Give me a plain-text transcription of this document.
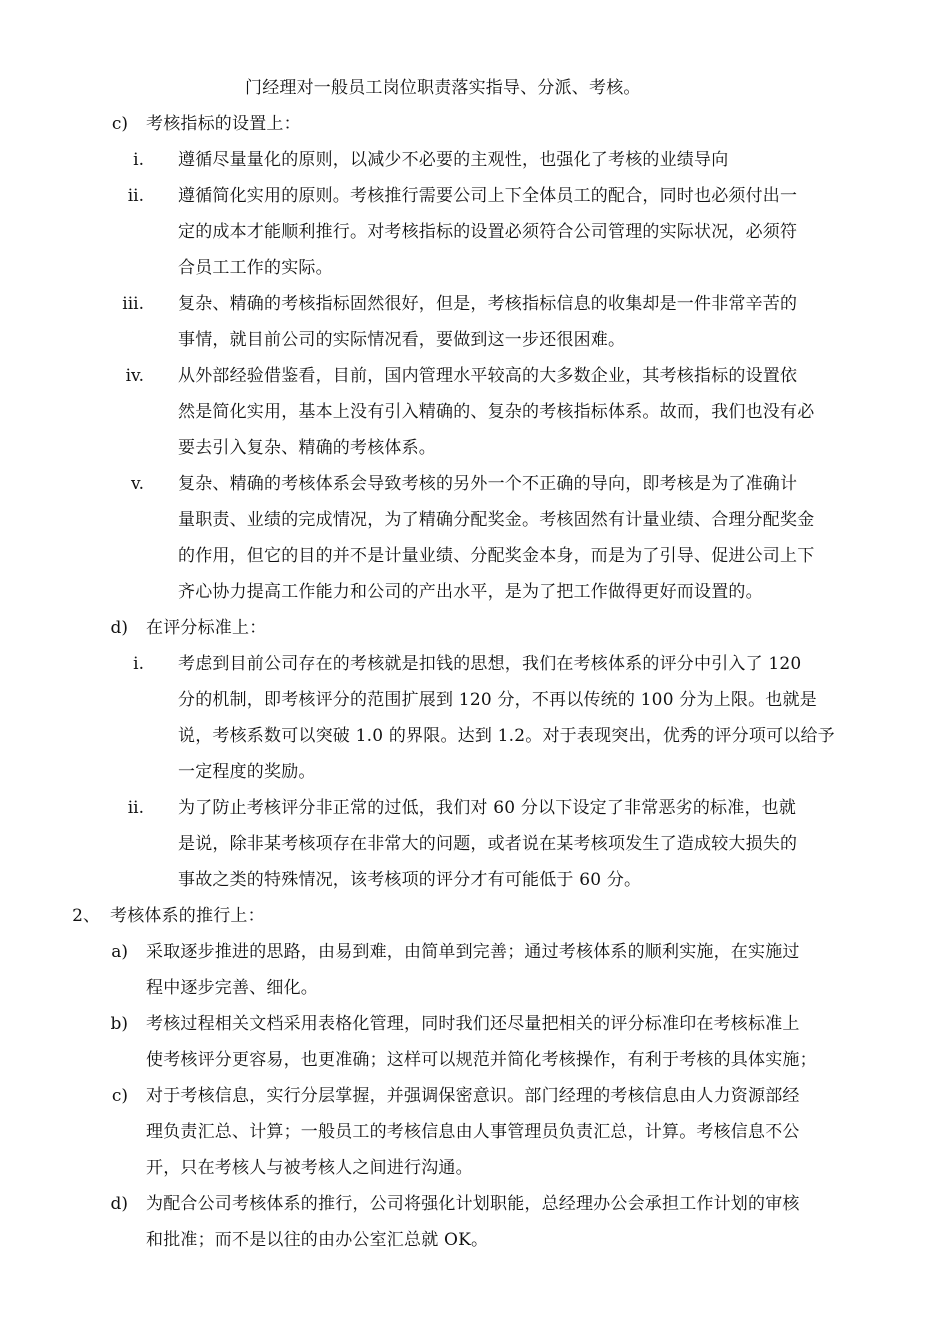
门经理对一般员工岗位职责落实指导、分派、考核。
c) 考核指标的设置上：
i. 遵循尽量量化的原则，以减少不必要的主观性，也强化了考核的业绩导向
ii. 遵循简化实用的原则。考核推行需要公司上下全体员工的配合，同时也必须付出一
定的成本才能顺利推行。对考核指标的设置必须符合公司管理的实际状况，必须符
合员工工作的实际。
iii. 复杂、精确的考核指标固然很好，但是，考核指标信息的收集却是一件非常辛苦的
事情，就目前公司的实际情况看，要做到这一步还很困难。
iv. 从外部经验借鉴看，目前，国内管理水平较高的大多数企业，其考核指标的设置依
然是简化实用，基本上没有引入精确的、复杂的考核指标体系。故而，我们也没有必
要去引入复杂、精确的考核体系。
v. 复杂、精确的考核体系会导致考核的另外一个不正确的导向，即考核是为了准确计
量职责、业绩的完成情况，为了精确分配奖金。考核固然有计量业绩、合理分配奖金
的作用，但它的目的并不是计量业绩、分配奖金本身，而是为了引导、促进公司上下
齐心协力提高工作能力和公司的产出水平，是为了把工作做得更好而设置的。
d) 在评分标准上：
i. 考虑到目前公司存在的考核就是扣钱的思想，我们在考核体系的评分中引入了 120
分的机制，即考核评分的范围扩展到 120 分，不再以传统的 100 分为上限。也就是
说，考核系数可以突破 1.0 的界限。达到 1.2。对于表现突出，优秀的评分项可以给予
一定程度的奖励。
ii. 为了防止考核评分非正常的过低，我们对 60 分以下设定了非常恶劣的标准，也就
是说，除非某考核项存在非常大的问题，或者说在某考核项发生了造成较大损失的
事故之类的特殊情况，该考核项的评分才有可能低于 60 分。
2、 考核体系的推行上：
a) 采取逐步推进的思路，由易到难，由简单到完善；通过考核体系的顺利实施，在实施过
程中逐步完善、细化。
b) 考核过程相关文档采用表格化管理，同时我们还尽量把相关的评分标准印在考核标准上
使考核评分更容易，也更准确；这样可以规范并简化考核操作，有利于考核的具体实施；
c) 对于考核信息，实行分层掌握，并强调保密意识。部门经理的考核信息由人力资源部经
理负责汇总、计算；一般员工的考核信息由人事管理员负责汇总，计算。考核信息不公
开，只在考核人与被考核人之间进行沟通。
d) 为配合公司考核体系的推行，公司将强化计划职能，总经理办公会承担工作计划的审核
和批准；而不是以往的由办公室汇总就 OK。
